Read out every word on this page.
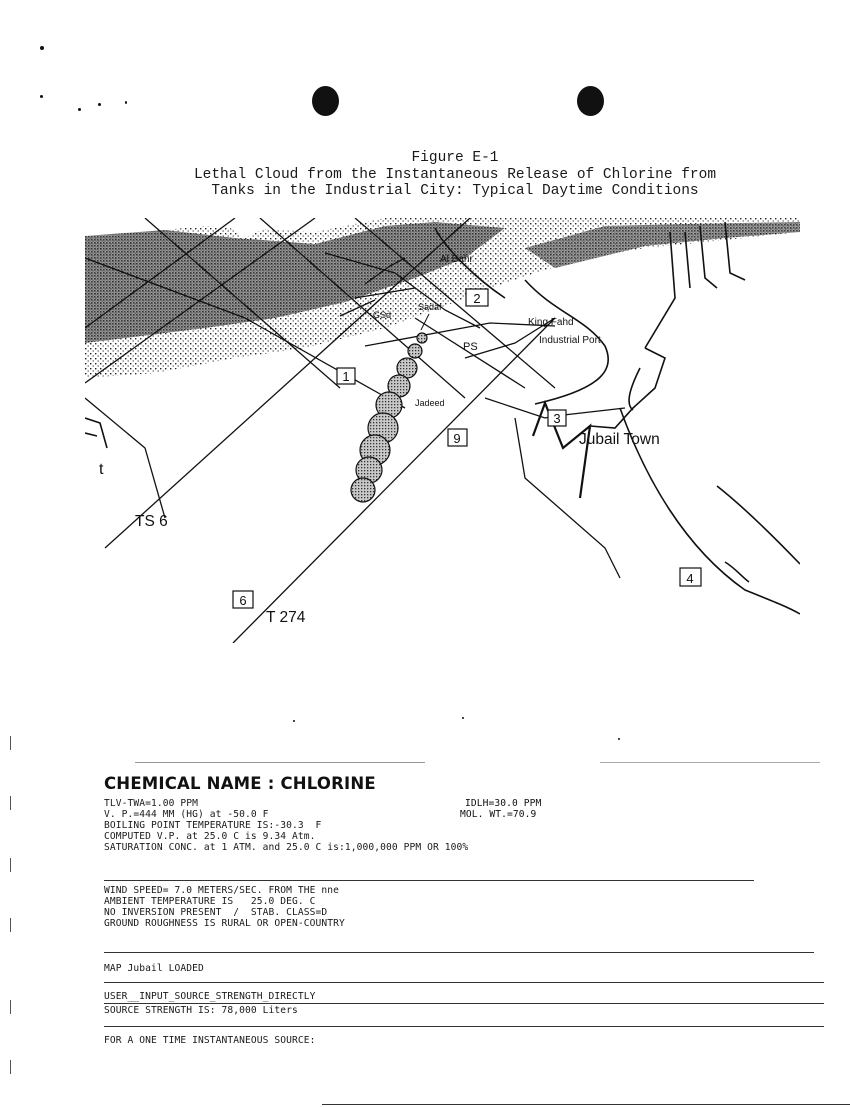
Figure E-1
Lethal Cloud from the Instantaneous Release of Chlorine from
Tanks in the Industrial City: Typical Daytime Conditions
2
1
3
9
4
6
Al Bahr
GSd
Sadaf
PS
King Fahd
Industrial Port
Jadeed
Jubail Town
t
TS 6
T 274
CHEMICAL NAME : CHLORINE
TLV-TWA=1.00 PPM	IDLH=30.0 PPM
V. P.=444 MM (HG) at -50.0 F	MOL. WT.=70.9
BOILING POINT TEMPERATURE IS:-30.3  F
COMPUTED V.P. at 25.0 C is 9.34 Atm.
SATURATION CONC. at 1 ATM. and 25.0 C is:1,000,000 PPM OR 100%
WIND SPEED= 7.0 METERS/SEC. FROM THE nne
AMBIENT TEMPERATURE IS   25.0 DEG. C
NO INVERSION PRESENT  /  STAB. CLASS=D
GROUND ROUGHNESS IS RURAL OR OPEN-COUNTRY
MAP Jubail LOADED
USER__INPUT_SOURCE_STRENGTH_DIRECTLY
SOURCE STRENGTH IS: 78,000 Liters
FOR A ONE TIME INSTANTANEOUS SOURCE:
